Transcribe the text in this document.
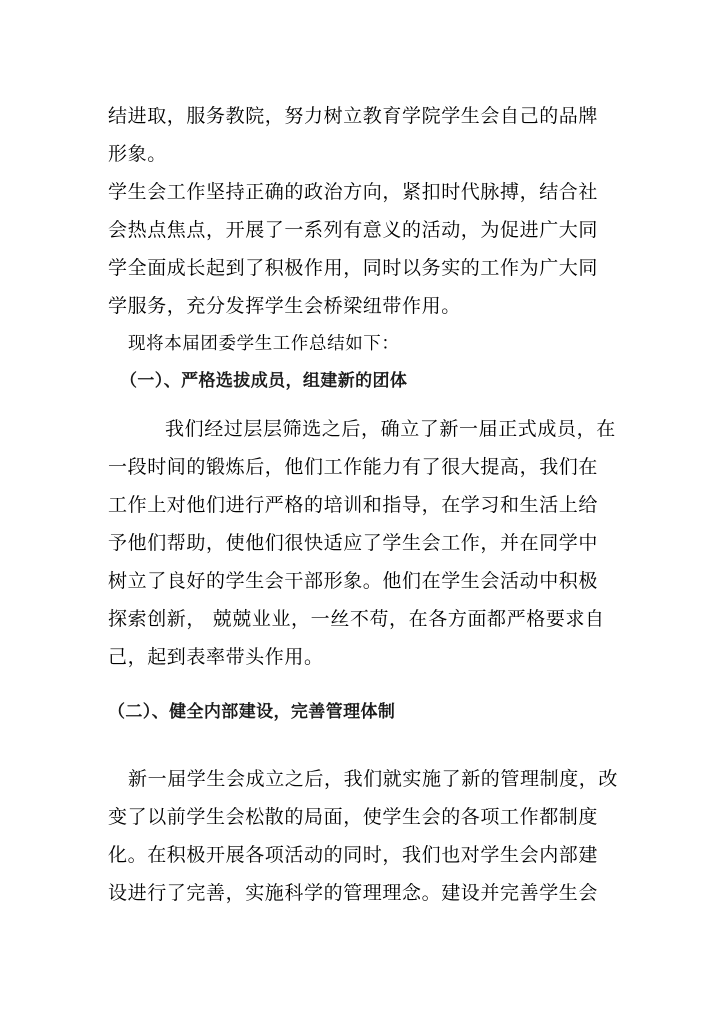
结进取，服务教院，努力树立教育学院学生会自己的品牌
形象。
学生会工作坚持正确的政治方向，紧扣时代脉搏，结合社
会热点焦点，开展了一系列有意义的活动，为促进广大同
学全面成长起到了积极作用，同时以务实的工作为广大同
学服务，充分发挥学生会桥梁纽带作用。
现将本届团委学生工作总结如下：
（一）、严格选拔成员，组建新的团体
我们经过层层筛选之后，确立了新一届正式成员，在
一段时间的锻炼后，他们工作能力有了很大提高，我们在
工作上对他们进行严格的培训和指导，在学习和生活上给
予他们帮助，使他们很快适应了学生会工作，并在同学中
树立了良好的学生会干部形象。他们在学生会活动中积极
探索创新， 兢兢业业，一丝不苟，在各方面都严格要求自
己，起到表率带头作用。
（二）、健全内部建设，完善管理体制
新一届学生会成立之后，我们就实施了新的管理制度，改
变了以前学生会松散的局面，使学生会的各项工作都制度
化。在积极开展各项活动的同时，我们也对学生会内部建
设进行了完善，实施科学的管理理念。建设并完善学生会
